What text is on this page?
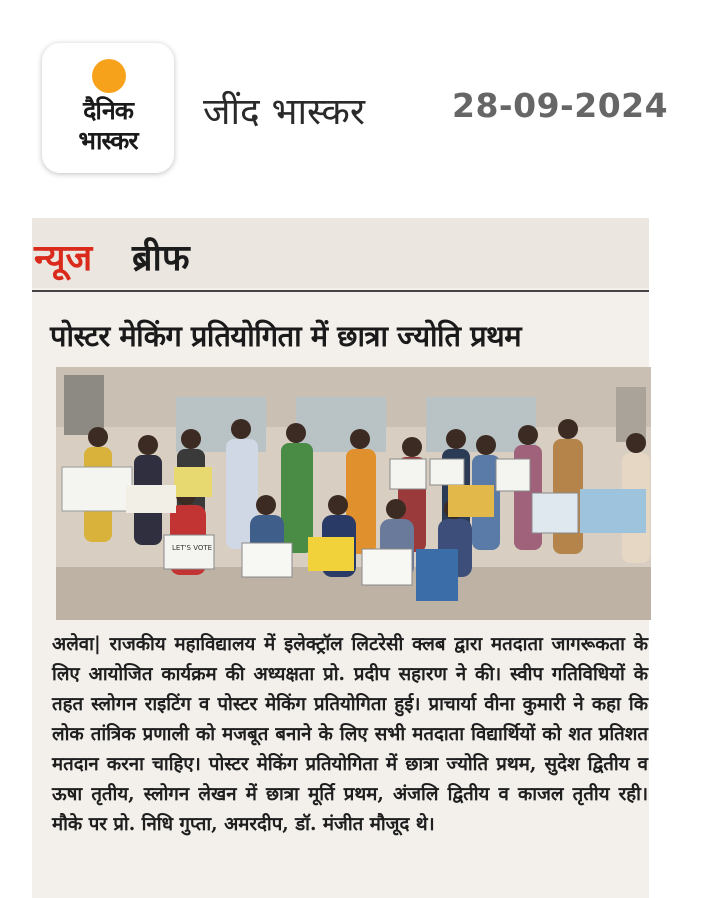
दैनिक
भास्कर
जींद भास्कर	28-09-2024
न्यूज ब्रीफ
पोस्टर मेकिंग प्रतियोगिता में छात्रा ज्योति प्रथम
LET'S VOTE
अलेवा| राजकीय महाविद्यालय में इलेक्ट्रॉल लिटरेसी क्लब द्वारा मतदाता जागरूकता के लिए आयोजित कार्यक्रम की अध्यक्षता प्रो. प्रदीप सहारण ने की। स्वीप गतिविधियों के तहत स्लोगन राइटिंग व पोस्टर मेकिंग प्रतियोगिता हुई। प्राचार्या वीना कुमारी ने कहा कि लोक तांत्रिक प्रणाली को मजबूत बनाने के लिए सभी मतदाता विद्यार्थियों को शत प्रतिशत मतदान करना चाहिए। पोस्टर मेकिंग प्रतियोगिता में छात्रा ज्योति प्रथम, सुदेश द्वितीय व ऊषा तृतीय, स्लोगन लेखन में छात्रा मूर्ति प्रथम, अंजलि द्वितीय व काजल तृतीय रही। मौके पर प्रो. निधि गुप्ता, अमरदीप, डॉ. मंजीत मौजूद थे।
